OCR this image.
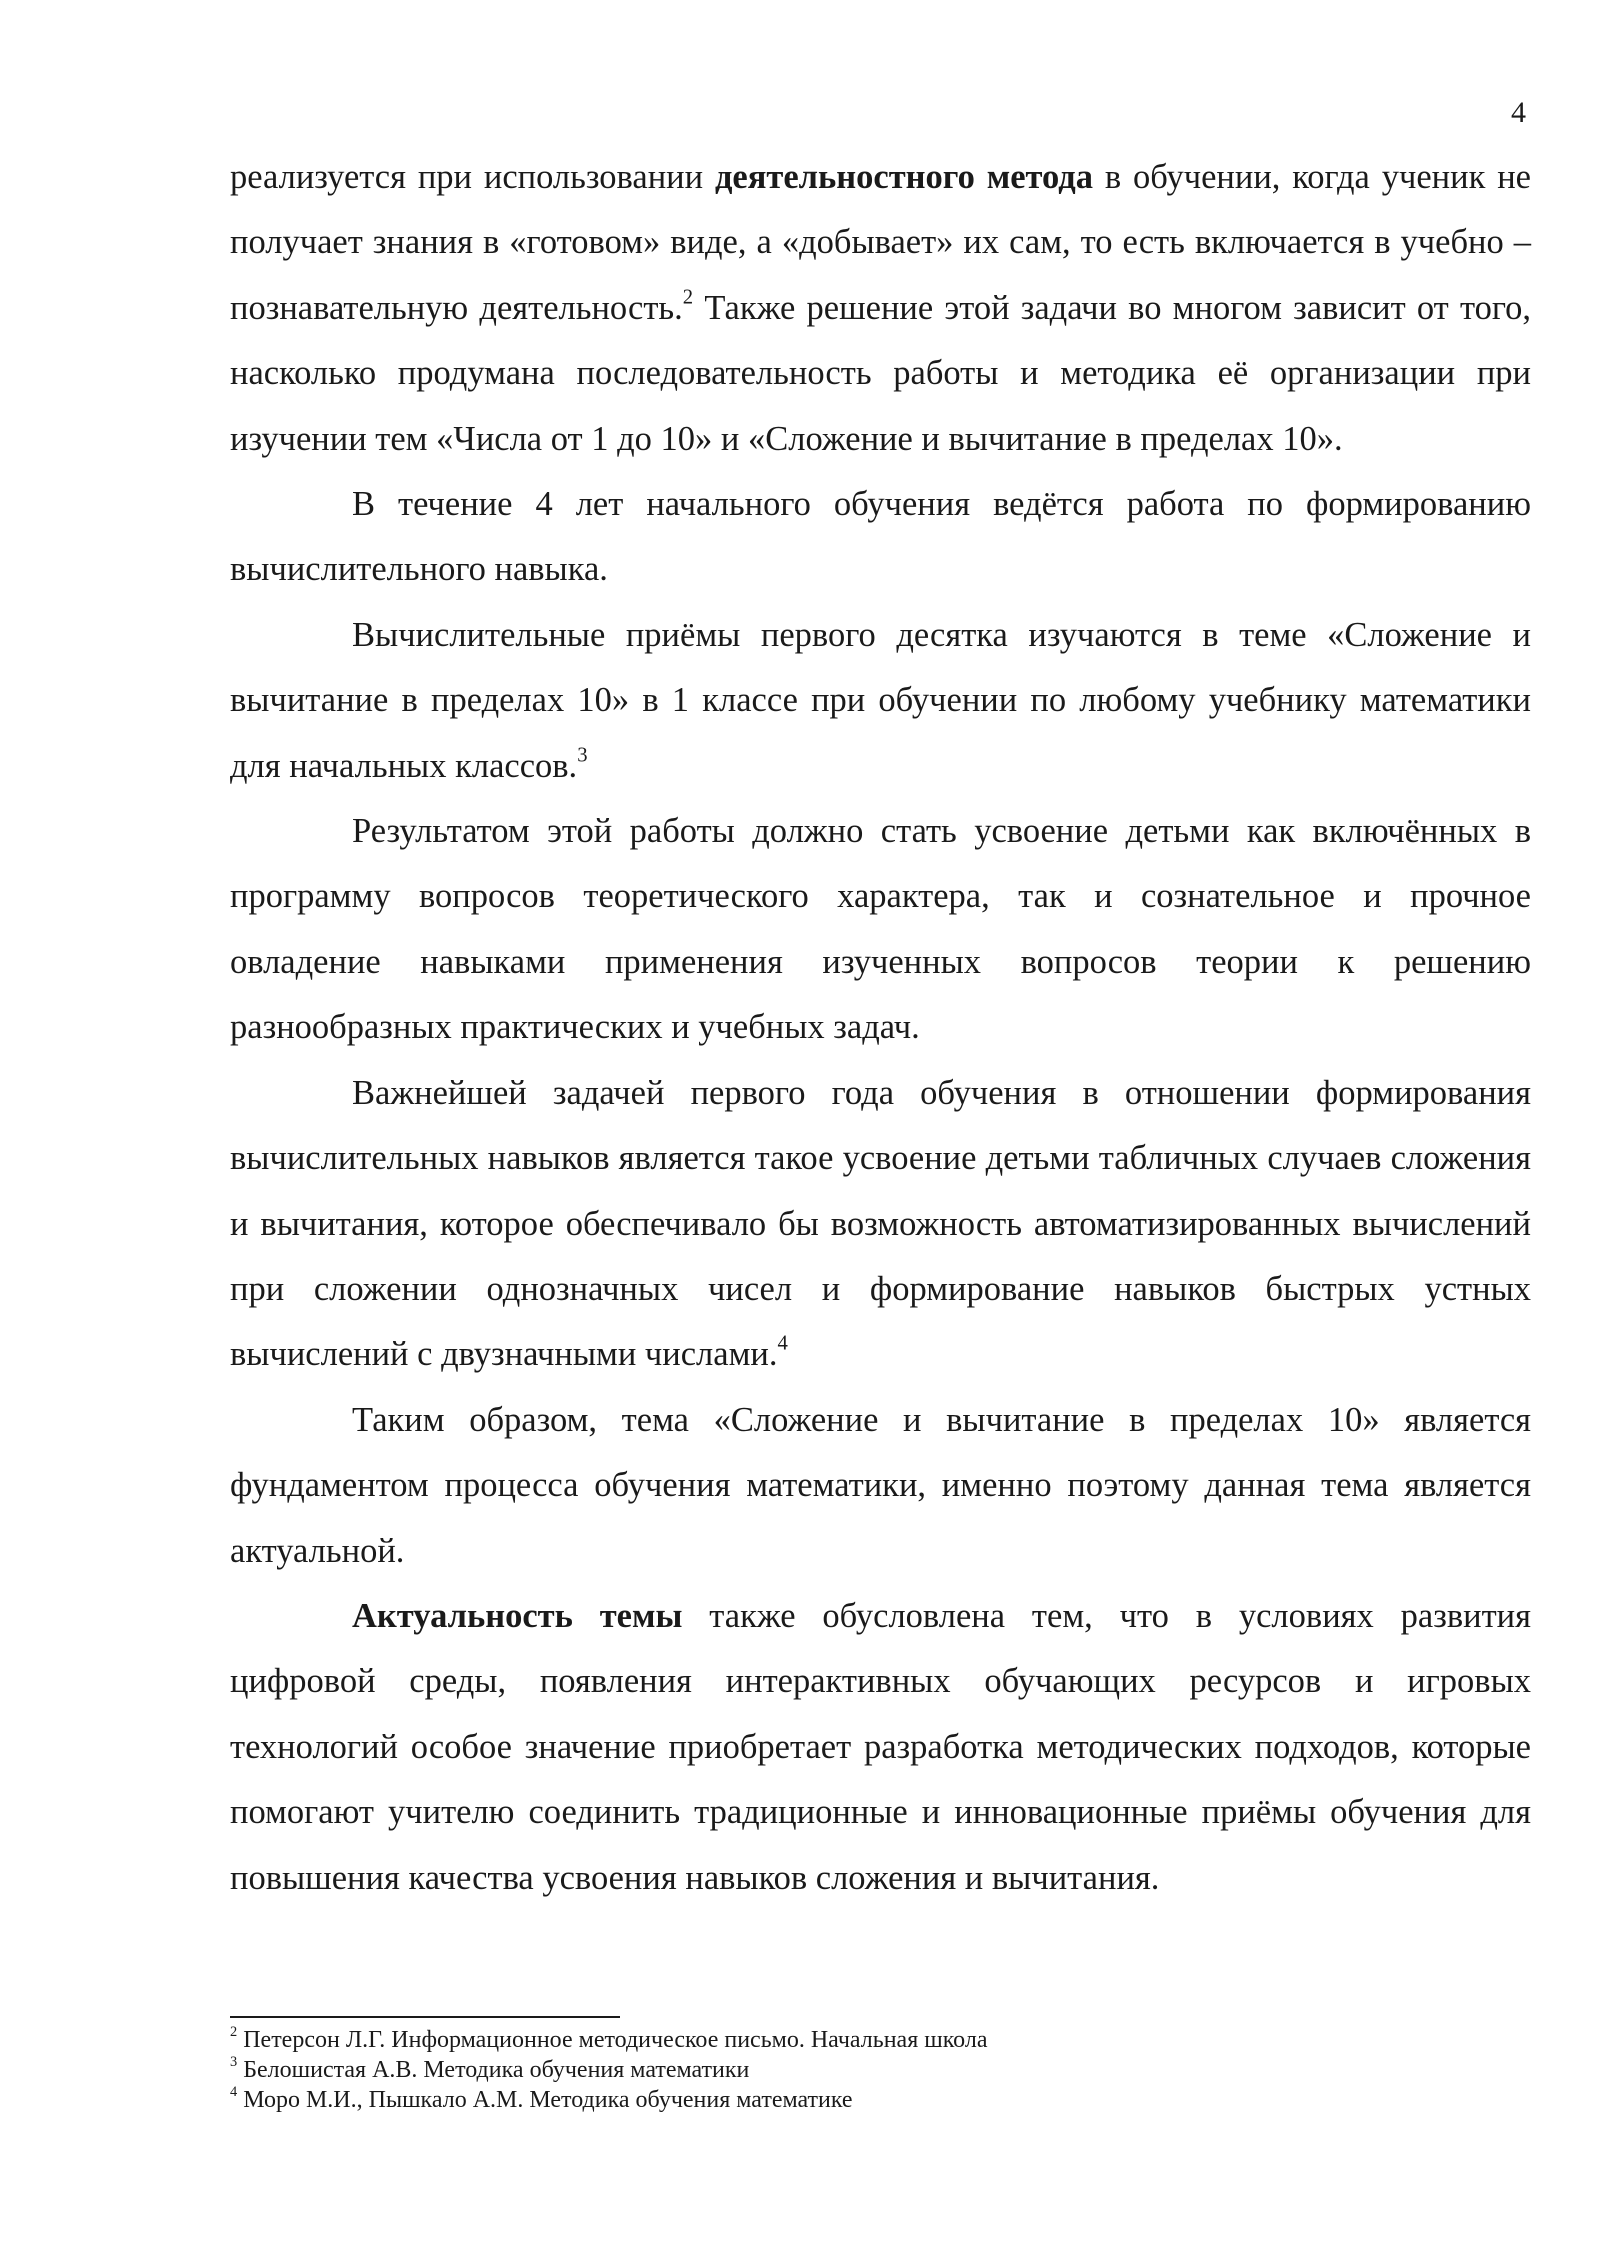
4

реализуется при использовании деятельностного метода в обучении, когда ученик не получает знания в «готовом» виде, а «добывает» их сам, то есть включается в учебно – познавательную деятельность.$^2$ Также решение этой задачи во многом зависит от того, насколько продумана последовательность работы и методика её организации при изучении тем «Числа от 1 до 10» и «Сложение и вычитание в пределах 10».

В течение 4 лет начального обучения ведётся работа по формированию вычислительного навыка.

Вычислительные приёмы первого десятка изучаются в теме «Сложение и вычитание в пределах 10» в 1 классе при обучении по любому учебнику математики для начальных классов.$^3$

Результатом этой работы должно стать усвоение детьми как включённых в программу вопросов теоретического характера, так и сознательное и прочное овладение навыками применения изученных вопросов теории к решению разнообразных практических и учебных задач.

Важнейшей задачей первого года обучения в отношении формирования вычислительных навыков является такое усвоение детьми табличных случаев сложения и вычитания, которое обеспечивало бы возможность автоматизированных вычислений при сложении однозначных чисел и формирование навыков быстрых устных вычислений с двузначными числами.$^4$

Таким образом, тема «Сложение и вычитание в пределах 10» является фундаментом процесса обучения математики, именно поэтому данная тема является актуальной.

Актуальность темы также обусловлена тем, что в условиях развития цифровой среды, появления интерактивных обучающих ресурсов и игровых технологий особое значение приобретает разработка методических подходов, которые помогают учителю соединить традиционные и инновационные приёмы обучения для повышения качества усвоения навыков сложения и вычитания.

$^2$ Петерсон Л.Г. Информационное методическое письмо. Начальная школа
$^3$ Белошистая А.В. Методика обучения математики
$^4$ Моро М.И., Пышкало А.М. Методика обучения математике
